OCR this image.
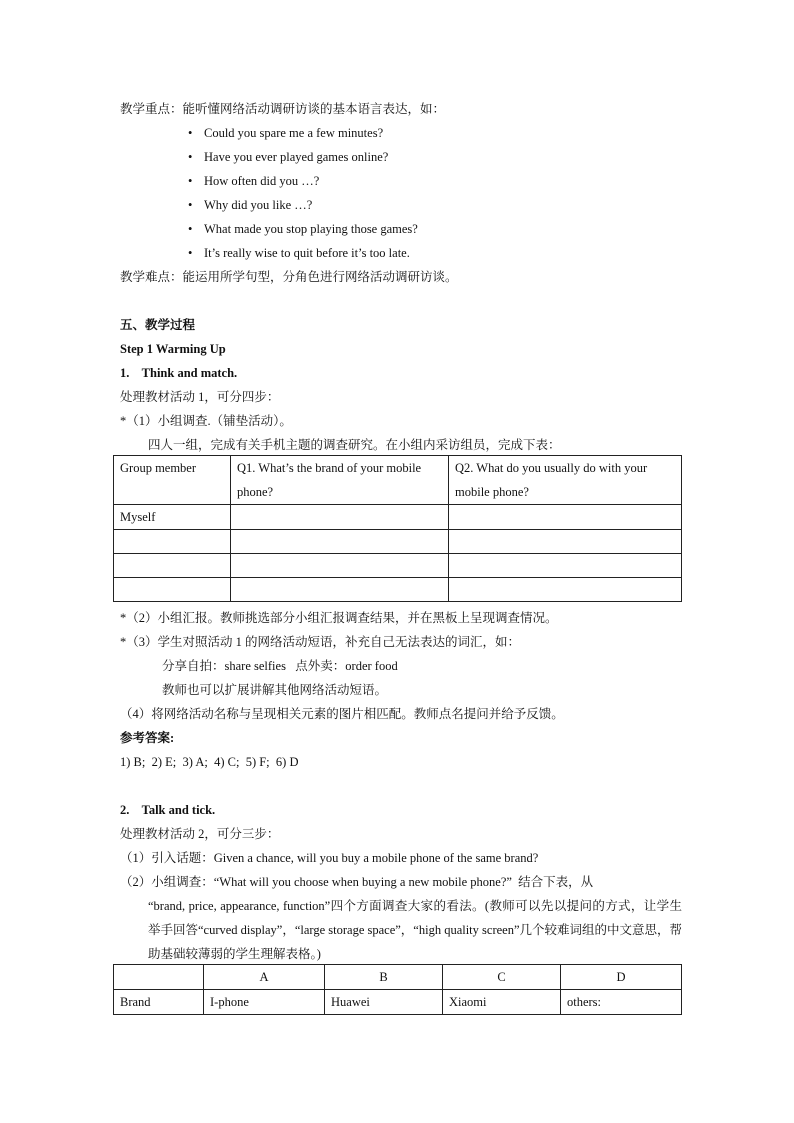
教学重点：能听懂网络活动调研访谈的基本语言表达，如：
• Could you spare me a few minutes?
• Have you ever played games online?
• How often did you …?
• Why did you like …?
• What made you stop playing those games?
• It’s really wise to quit before it’s too late.
教学难点：能运用所学句型，分角色进行网络活动调研访谈。
五、教学过程
Step 1 Warming Up
1.    Think and match.
处理教材活动 1，可分四步：
*（1）小组调查.（铺垫活动）。
四人一组，完成有关手机主题的调查研究。在小组内采访组员，完成下表：
Group member	Q1. What’s the brand of your mobile phone?	Q2. What do you usually do with your mobile phone?
Myself		

*（2）小组汇报。教师挑选部分小组汇报调查结果，并在黑板上呈现调查情况。
*（3）学生对照活动 1 的网络活动短语，补充自己无法表达的词汇，如：
分享自拍：share selfies   点外卖：order food
教师也可以扩展讲解其他网络活动短语。
（4）将网络活动名称与呈现相关元素的图片相匹配。教师点名提问并给予反馈。
参考答案:
1) B;  2) E;  3) A;  4) C;  5) F;  6) D
2.    Talk and tick.
处理教材活动 2，可分三步：
（1）引入话题：Given a chance, will you buy a mobile phone of the same brand?
（2）小组调查：“What will you choose when buying a new mobile phone?”  结合下表，从
“brand, price, appearance, function”四个方面调查大家的看法。(教师可以先以提问的方式，让学生举手回答“curved display”，“large storage space”，“high quality screen”几个较难词组的中文意思，帮助基础较薄弱的学生理解表格。)
	A	B	C	D
Brand	I-phone	Huawei	Xiaomi	others:
